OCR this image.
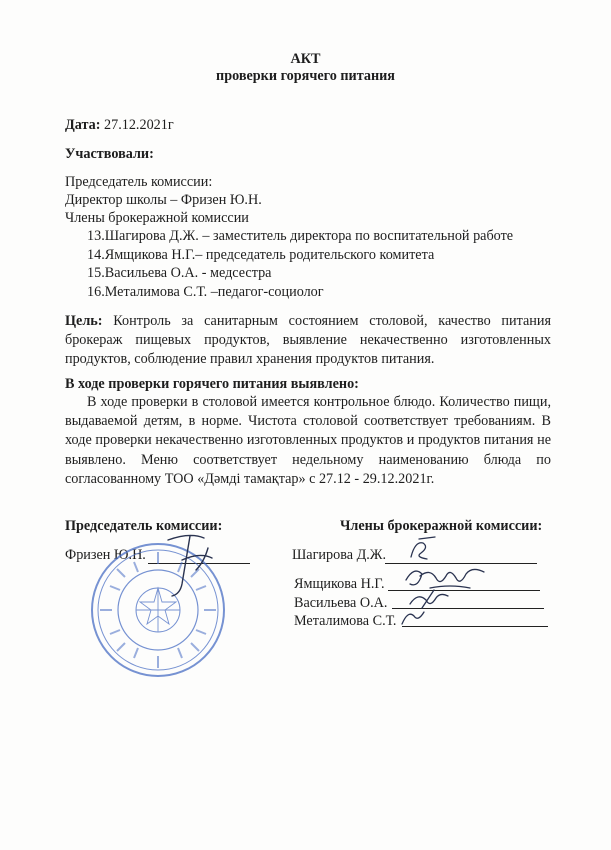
АКТ
проверки горячего питания
Дата: 27.12.2021г
Участвовали:
Председатель комиссии:
Директор школы – Фризен Ю.Н.
Члены брокеражной комиссии
13.Шагирова Д.Ж. – заместитель директора по воспитательной работе
14.Ямщикова Н.Г.– председатель родительского комитета
15.Васильева О.А. - медсестра
16.Металимова С.Т. –педагог-социолог
Цель: Контроль за санитарным состоянием столовой, качество питания брокераж пищевых продуктов, выявление некачественно изготовленных продуктов, соблюдение правил хранения продуктов питания.
В ходе проверки горячего питания выявлено:
В ходе проверки в столовой имеется контрольное блюдо. Количество пищи, выдаваемой детям, в норме. Чистота столовой соответствует требованиям. В ходе проверки некачественно изготовленных продуктов и продуктов питания не выявлено. Меню соответствует недельному наименованию блюда по согласованному ТОО «Дәмді тамақтар» с 27.12 - 29.12.2021г.
Председатель комиссии:
Фризен Ю.Н.
Члены брокеражной комиссии:
Шагирова Д.Ж.
Ямщикова Н.Г.
Васильева О.А.
Металимова С.Т.
